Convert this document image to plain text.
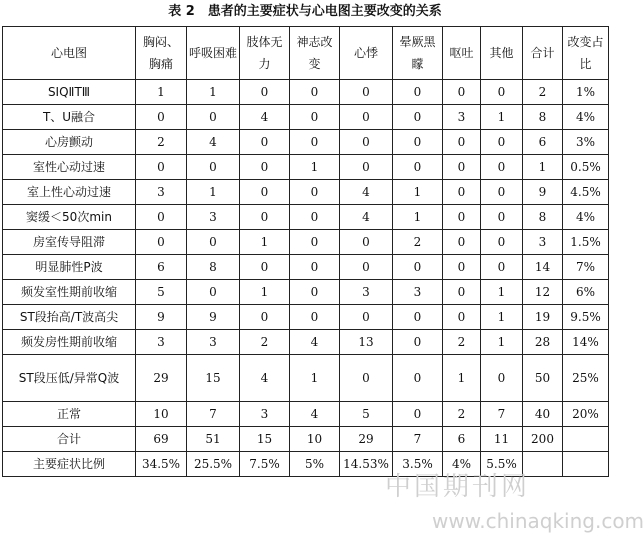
表 2　患者的主要症状与心电图主要改变的关系
心电图	胸闷、胸痛	呼吸困难	肢体无力	神志改变	心悸	晕厥黑矇	呕吐	其他	合计	改变占比
SIQⅡTⅢ	1	1	0	0	0	0	0	0	2	1%
T、U融合	0	0	4	0	0	0	3	1	8	4%
心房颤动	2	4	0	0	0	0	0	0	6	3%
室性心动过速	0	0	0	1	0	0	0	0	1	0.5%
室上性心动过速	3	1	0	0	4	1	0	0	9	4.5%
窦缓＜50次min	0	3	0	0	4	1	0	0	8	4%
房室传导阻滞	0	0	1	0	0	2	0	0	3	1.5%
明显肺性P波	6	8	0	0	0	0	0	0	14	7%
频发室性期前收缩	5	0	1	0	3	3	0	1	12	6%
ST段抬高/T波高尖	9	9	0	0	0	0	0	1	19	9.5%
频发房性期前收缩	3	3	2	4	13	0	2	1	28	14%
ST段压低/异常Q波	29	15	4	1	0	0	1	0	50	25%
正常	10	7	3	4	5	0	2	7	40	20%
合计	69	51	15	10	29	7	6	11	200	
主要症状比例	34.5%	25.5%	7.5%	5%	14.53%	3.5%	4%	5.5%		
中国期刊网
www.chinaqking.com
